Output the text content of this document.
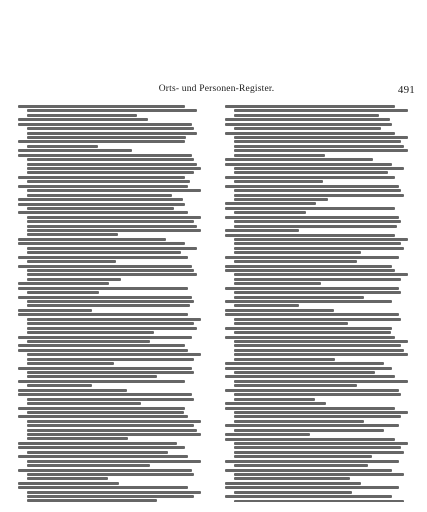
Orts- und Personen-Register.	491
